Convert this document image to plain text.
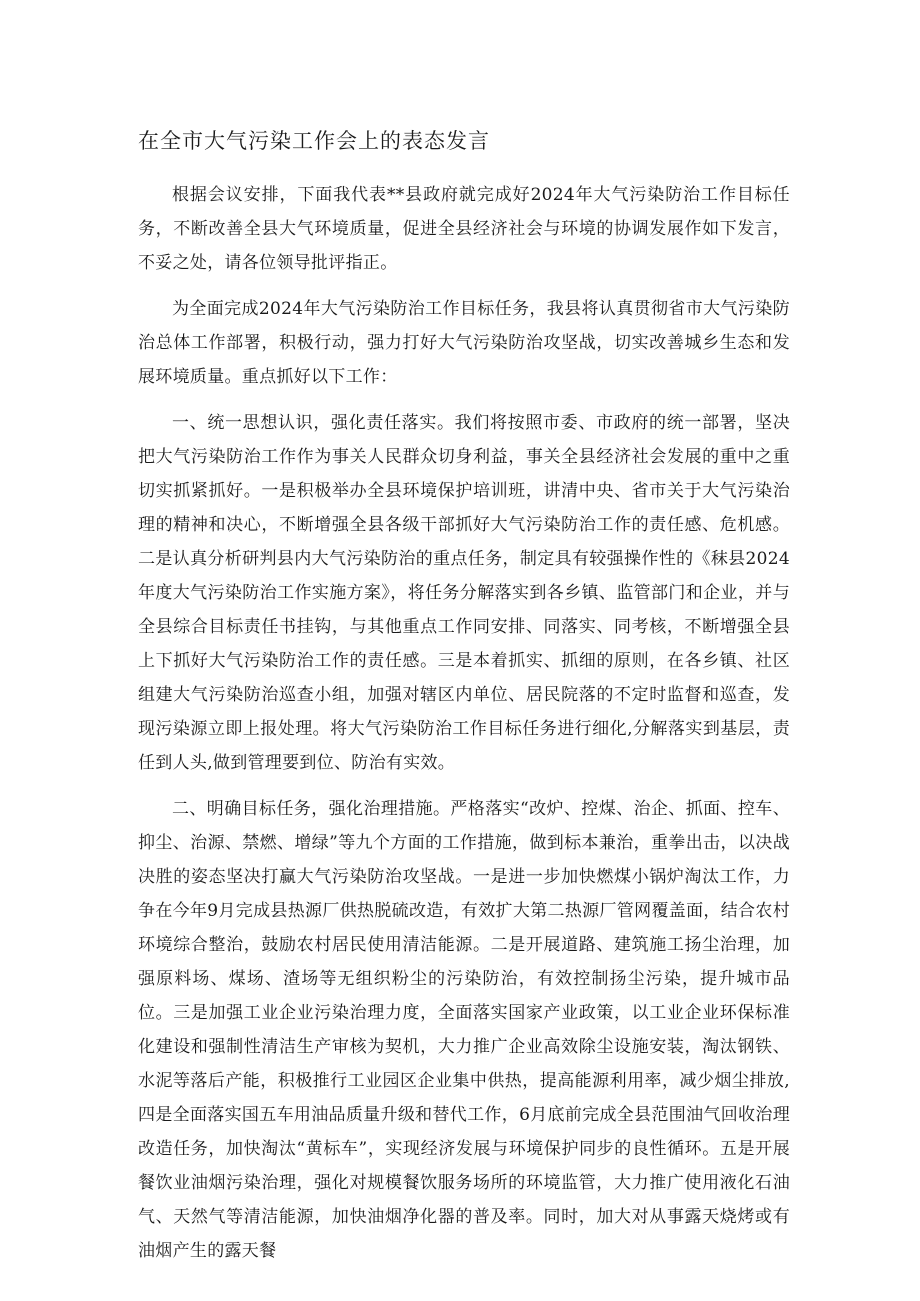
在全市大气污染工作会上的表态发言

根据会议安排，下面我代表**县政府就完成好2024年大气污染防治工作目标任务，不断改善全县大气环境质量，促进全县经济社会与环境的协调发展作如下发言，不妥之处，请各位领导批评指正。

为全面完成2024年大气污染防治工作目标任务，我县将认真贯彻省市大气污染防治总体工作部署，积极行动，强力打好大气污染防治攻坚战，切实改善城乡生态和发展环境质量。重点抓好以下工作：

一、统一思想认识，强化责任落实。我们将按照市委、市政府的统一部署，坚决把大气污染防治工作作为事关人民群众切身利益，事关全县经济社会发展的重中之重切实抓紧抓好。一是积极举办全县环境保护培训班，讲清中央、省市关于大气污染治理的精神和决心，不断增强全县各级干部抓好大气污染防治工作的责任感、危机感。二是认真分析研判县内大气污染防治的重点任务，制定具有较强操作性的《秣县2024年度大气污染防治工作实施方案》，将任务分解落实到各乡镇、监管部门和企业，并与全县综合目标责任书挂钩，与其他重点工作同安排、同落实、同考核，不断增强全县上下抓好大气污染防治工作的责任感。三是本着抓实、抓细的原则，在各乡镇、社区组建大气污染防治巡查小组，加强对辖区内单位、居民院落的不定时监督和巡查，发现污染源立即上报处理。将大气污染防治工作目标任务进行细化,分解落实到基层，责任到人头,做到管理要到位、防治有实效。

二、明确目标任务，强化治理措施。严格落实“改炉、控煤、治企、抓面、控车、抑尘、治源、禁燃、增绿”等九个方面的工作措施，做到标本兼治，重拳出击，以决战决胜的姿态坚决打赢大气污染防治攻坚战。一是进一步加快燃煤小锅炉淘汰工作，力争在今年9月完成县热源厂供热脱硫改造，有效扩大第二热源厂管网覆盖面，结合农村环境综合整治，鼓励农村居民使用清洁能源。二是开展道路、建筑施工扬尘治理，加强原料场、煤场、渣场等无组织粉尘的污染防治，有效控制扬尘污染，提升城市品位。三是加强工业企业污染治理力度，全面落实国家产业政策，以工业企业环保标准化建设和强制性清洁生产审核为契机，大力推广企业高效除尘设施安装，淘汰钢铁、水泥等落后产能，积极推行工业园区企业集中供热，提高能源利用率，减少烟尘排放,四是全面落实国五车用油品质量升级和替代工作，6月底前完成全县范围油气回收治理改造任务，加快淘汰“黄标车”，实现经济发展与环境保护同步的良性循环。五是开展餐饮业油烟污染治理，强化对规模餐饮服务场所的环境监管，大力推广使用液化石油气、天然气等清洁能源，加快油烟净化器的普及率。同时，加大对从事露天烧烤或有油烟产生的露天餐
